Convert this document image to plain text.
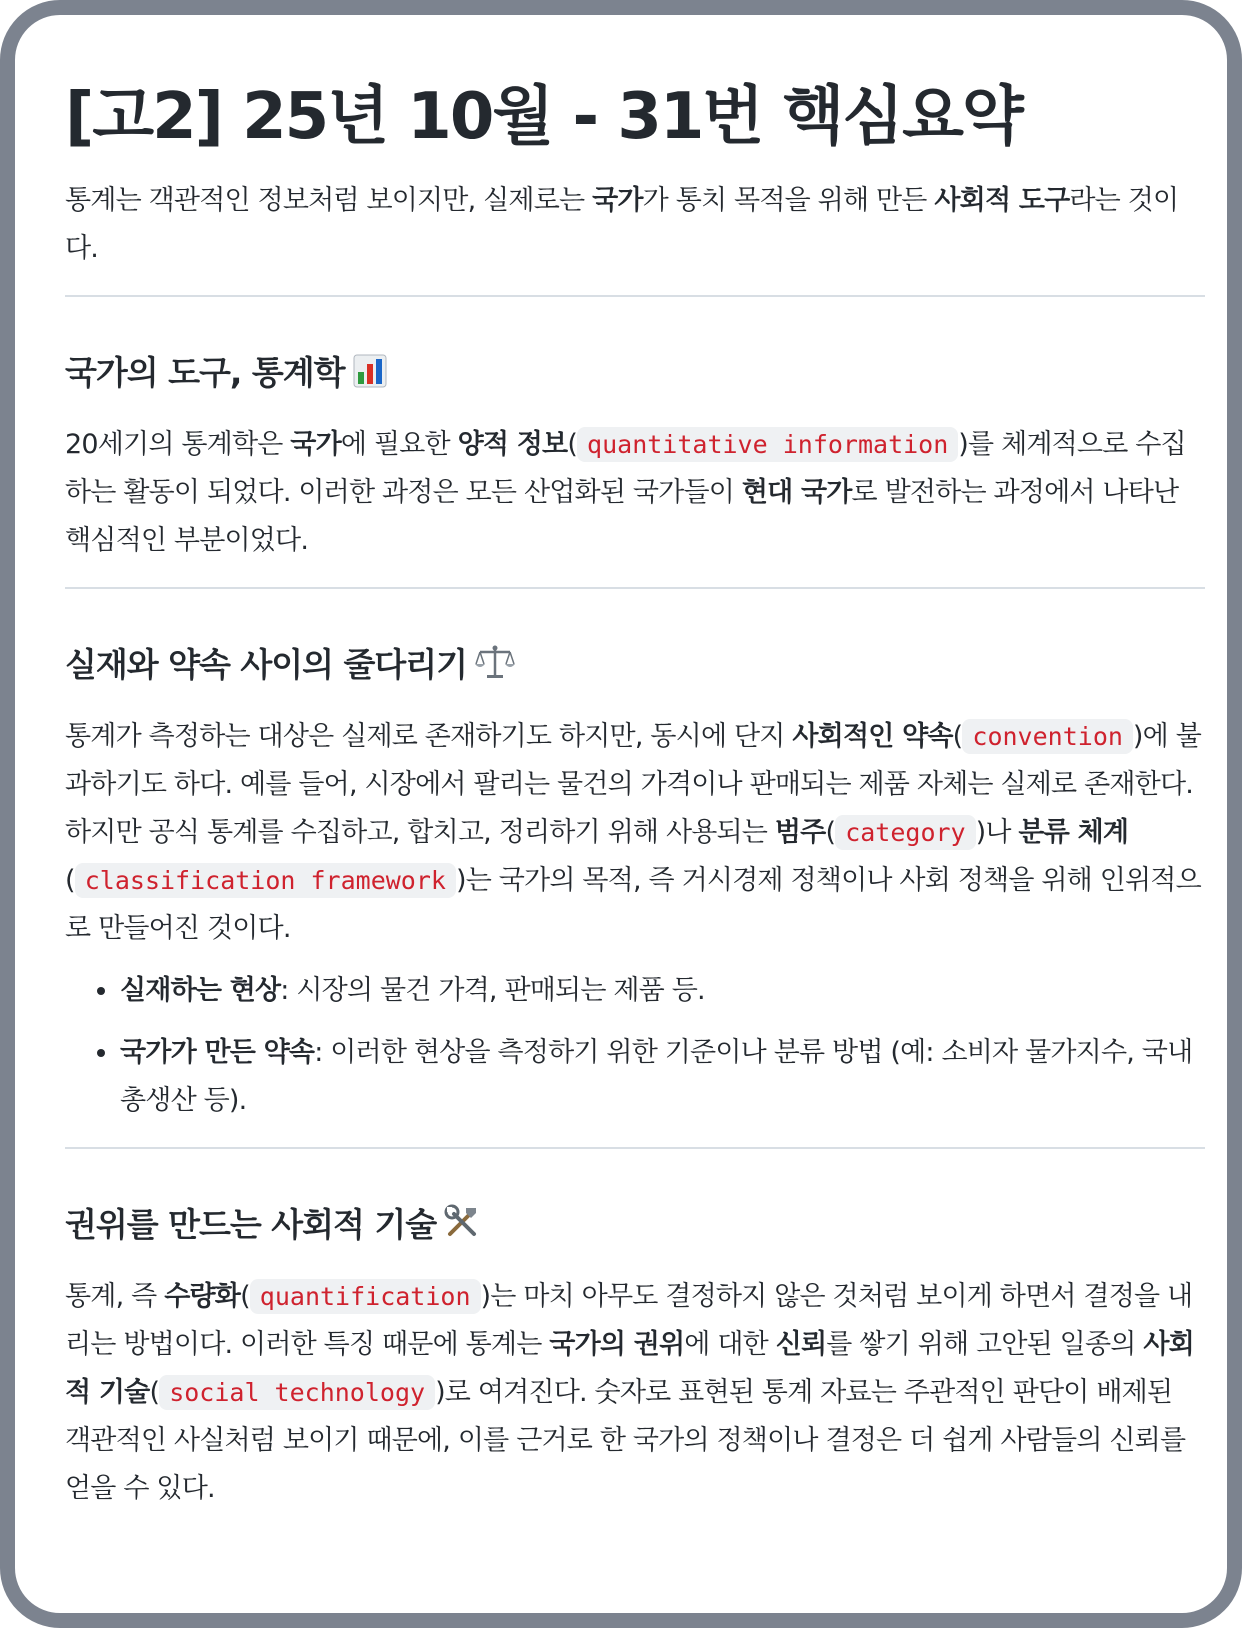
[고2] 25년 10월 - 31번 핵심요약

통계는 객관적인 정보처럼 보이지만, 실제로는 국가가 통치 목적을 위해 만든 사회적 도구라는 것이다.

국가의 도구, 통계학

20세기의 통계학은 국가에 필요한 양적 정보( quantitative information )를 체계적으로 수집하는 활동이 되었다. 이러한 과정은 모든 산업화된 국가들이 현대 국가로 발전하는 과정에서 나타난 핵심적인 부분이었다.

실재와 약속 사이의 줄다리기

통계가 측정하는 대상은 실제로 존재하기도 하지만, 동시에 단지 사회적인 약속( convention )에 불과하기도 하다. 예를 들어, 시장에서 팔리는 물건의 가격이나 판매되는 제품 자체는 실제로 존재한다. 하지만 공식 통계를 수집하고, 합치고, 정리하기 위해 사용되는 범주( category )나 분류 체계( classification framework )는 국가의 목적, 즉 거시경제 정책이나 사회 정책을 위해 인위적으로 만들어진 것이다.

• 실재하는 현상: 시장의 물건 가격, 판매되는 제품 등.
• 국가가 만든 약속: 이러한 현상을 측정하기 위한 기준이나 분류 방법 (예: 소비자 물가지수, 국내 총생산 등).
권위를 만드는 사회적 기술

통계, 즉 수량화( quantification )는 마치 아무도 결정하지 않은 것처럼 보이게 하면서 결정을 내리는 방법이다. 이러한 특징 때문에 통계는 국가의 권위에 대한 신뢰를 쌓기 위해 고안된 일종의 사회적 기술( social technology )로 여겨진다. 숫자로 표현된 통계 자료는 주관적인 판단이 배제된 객관적인 사실처럼 보이기 때문에, 이를 근거로 한 국가의 정책이나 결정은 더 쉽게 사람들의 신뢰를 얻을 수 있다.
